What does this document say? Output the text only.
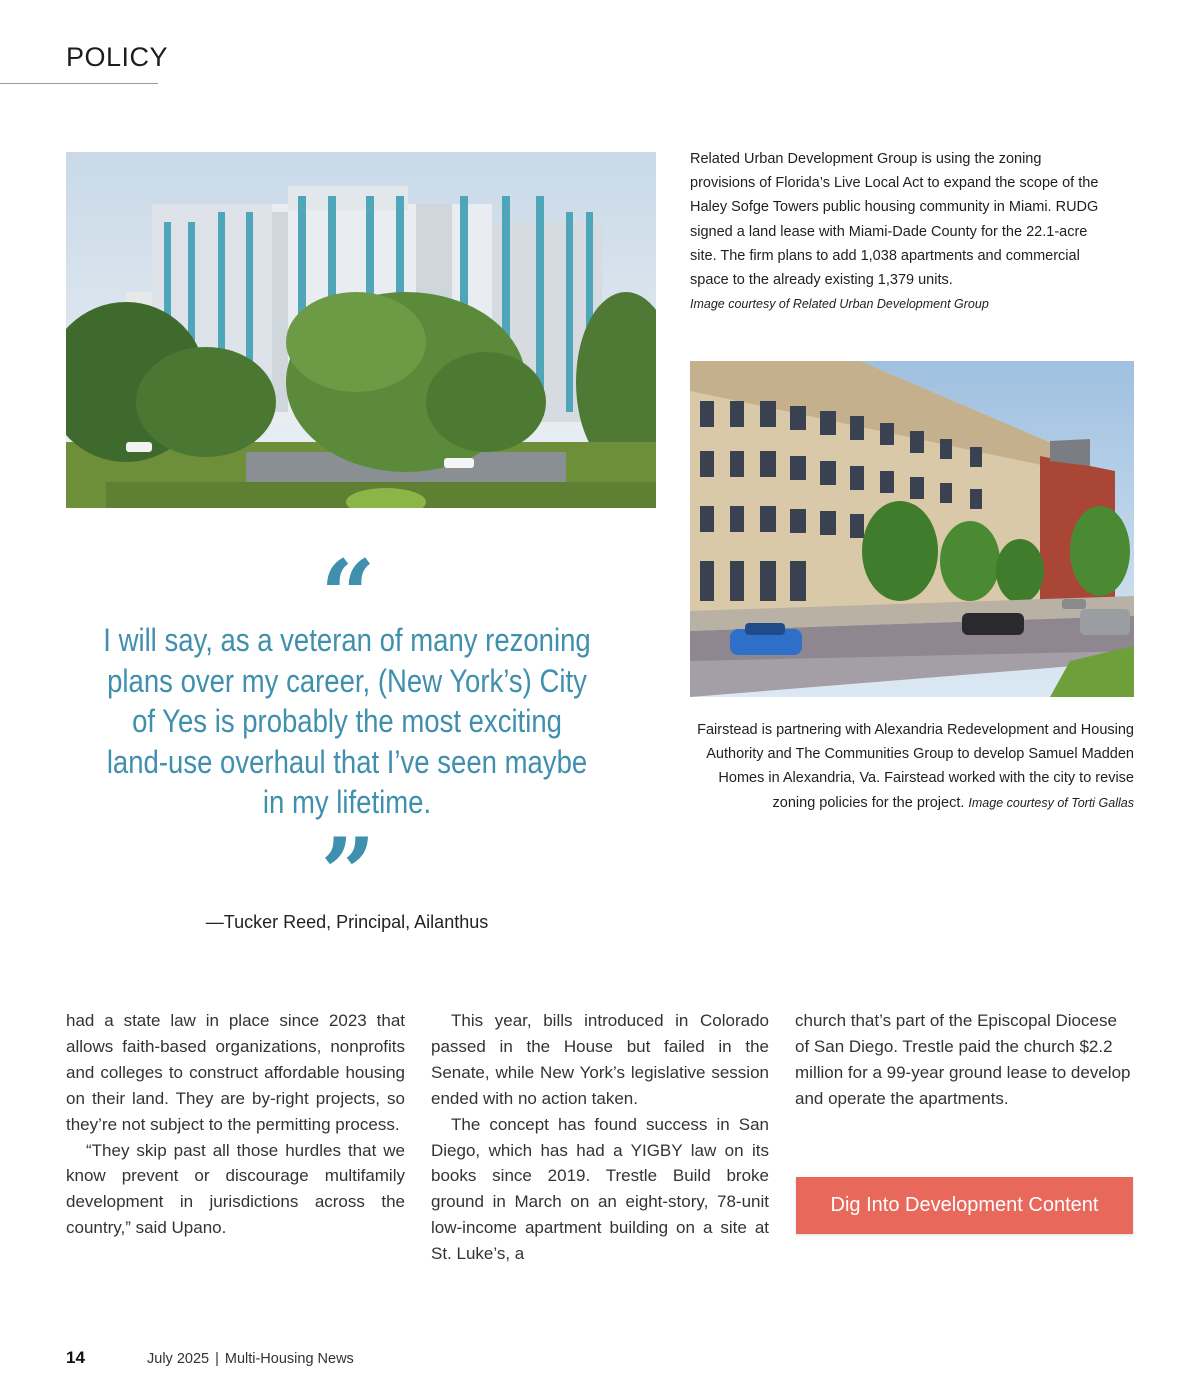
POLICY
Related Urban Development Group is using the zoning provisions of Florida’s Live Local Act to expand the scope of the Haley Sofge Towers public housing community in Miami. RUDG signed a land lease with Miami-Dade County for the 22.1-acre site. The firm plans to add 1,038 apartments and commercial space to the already existing 1,379 units.
Image courtesy of Related Urban Development Group
Fairstead is partnering with Alexandria Redevelopment and Housing Authority and The Communities Group to develop Samuel Madden Homes in Alexandria, Va. Fairstead worked with the city to revise zoning policies for the project. Image courtesy of Torti Gallas
“
I will say, as a veteran of many rezoning plans over my career, (New York’s) City of Yes is probably the most exciting land-use overhaul that I’ve seen maybe in my lifetime.
”
—Tucker Reed, Principal, Ailanthus

had a state law in place since 2023 that allows faith-based organizations, nonprofits and colleges to construct affordable housing on their land. They are by-right projects, so they’re not subject to the permitting process.

“They skip past all those hurdles that we know prevent or discourage multifamily development in jurisdictions across the country,” said Upano.

This year, bills introduced in Colorado passed in the House but failed in the Senate, while New York’s legislative session ended with no action taken.

The concept has found success in San Diego, which has had a YIGBY law on its books since 2019. Trestle Build broke ground in March on an eight-story, 78-unit low-income apartment building on a site at St. Luke’s, a

church that’s part of the Episcopal Diocese of San Diego. Trestle paid the church $2.2 million for a 99-year ground lease to develop and operate the apartments.

Dig Into Development Content
14	July 2025 | Multi-Housing News
